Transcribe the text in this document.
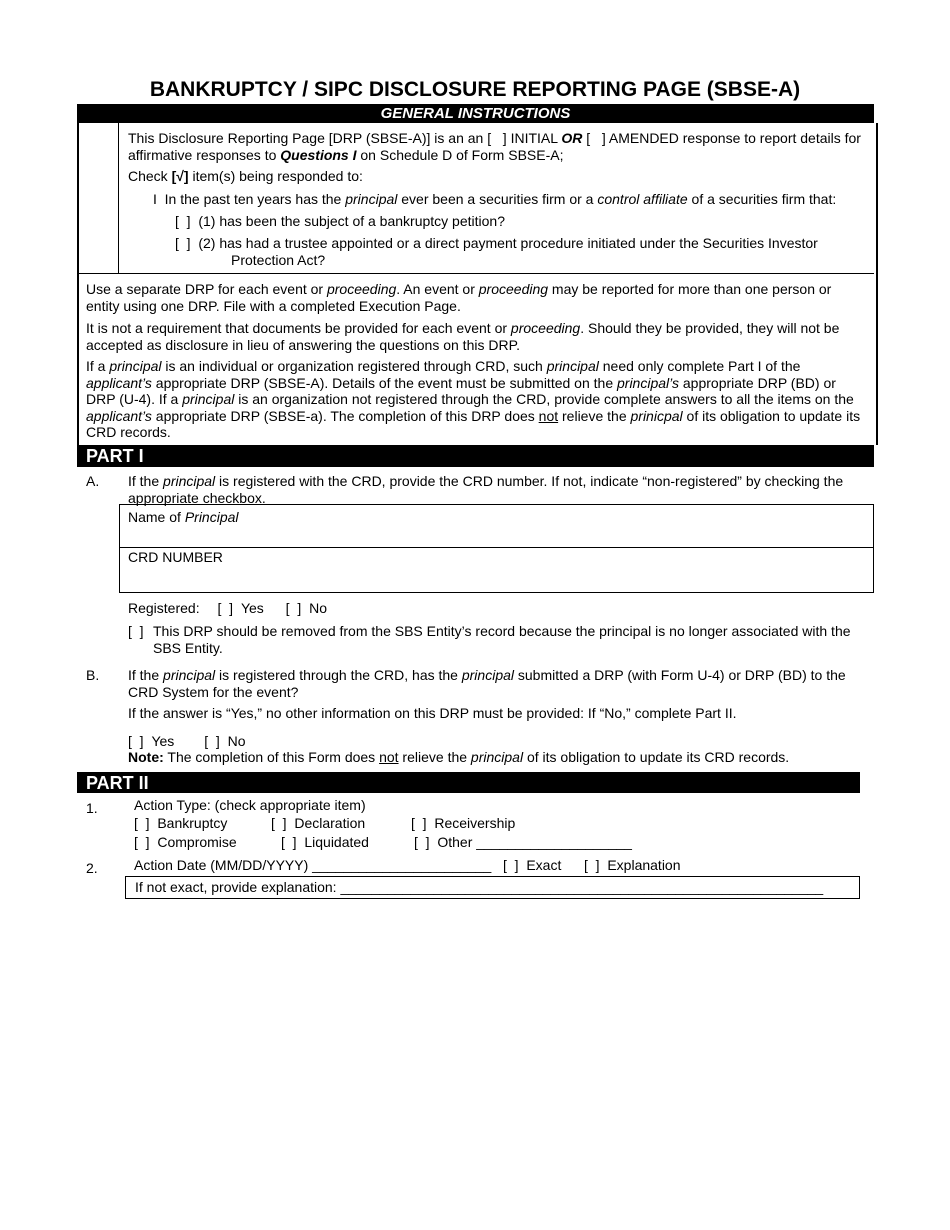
BANKRUPTCY / SIPC DISCLOSURE REPORTING PAGE (SBSE-A)
GENERAL INSTRUCTIONS
This Disclosure Reporting Page [DRP (SBSE-A)] is an an [   ] INITIAL OR [   ] AMENDED response to report details for affirmative responses to Questions I on Schedule D of Form SBSE-A;
Check [√] item(s) being responded to:
I In the past ten years has the principal ever been a securities firm or a control affiliate of a securities firm that:
[  ] (1) has been the subject of a bankruptcy petition?
[  ] (2) has had a trustee appointed or a direct payment procedure initiated under the Securities Investor
Protection Act?
Use a separate DRP for each event or proceeding. An event or proceeding may be reported for more than one person or entity using one DRP. File with a completed Execution Page.
It is not a requirement that documents be provided for each event or proceeding. Should they be provided, they will not be accepted as disclosure in lieu of answering the questions on this DRP.
If a principal is an individual or organization registered through CRD, such principal need only complete Part I of the applicant’s appropriate DRP (SBSE-A). Details of the event must be submitted on the principal’s appropriate DRP (BD) or DRP (U-4). If a principal is an organization not registered through the CRD, provide complete answers to all the items on the applicant’s appropriate DRP (SBSE-a). The completion of this DRP does not relieve the prinicpal of its obligation to update its CRD records.
PART I
A. If the principal is registered with the CRD, provide the CRD number. If not, indicate “non-registered” by checking the appropriate checkbox.
Name of Principal
CRD NUMBER
Registered: [  ] Yes [  ] No
[  ] This DRP should be removed from the SBS Entity’s record because the principal is no longer associated with the SBS Entity.
B. If the principal is registered through the CRD, has the principal submitted a DRP (with Form U-4) or DRP (BD) to the CRD System for the event?
If the answer is “Yes,” no other information on this DRP must be provided: If “No,” complete Part II.
[  ] Yes [  ] No
Note: The completion of this Form does not relieve the principal of its obligation to update its CRD records.
PART II
1.	Action Type: (check appropriate item)
[  ] Bankruptcy	[  ] Declaration	[  ] Receivership
[  ] Compromise	[  ] Liquidated	[  ] Other ____________________
2.	Action Date (MM/DD/YYYY) _______________________ [  ] Exact [  ] Explanation
If not exact, provide explanation: ______________________________________________________________
